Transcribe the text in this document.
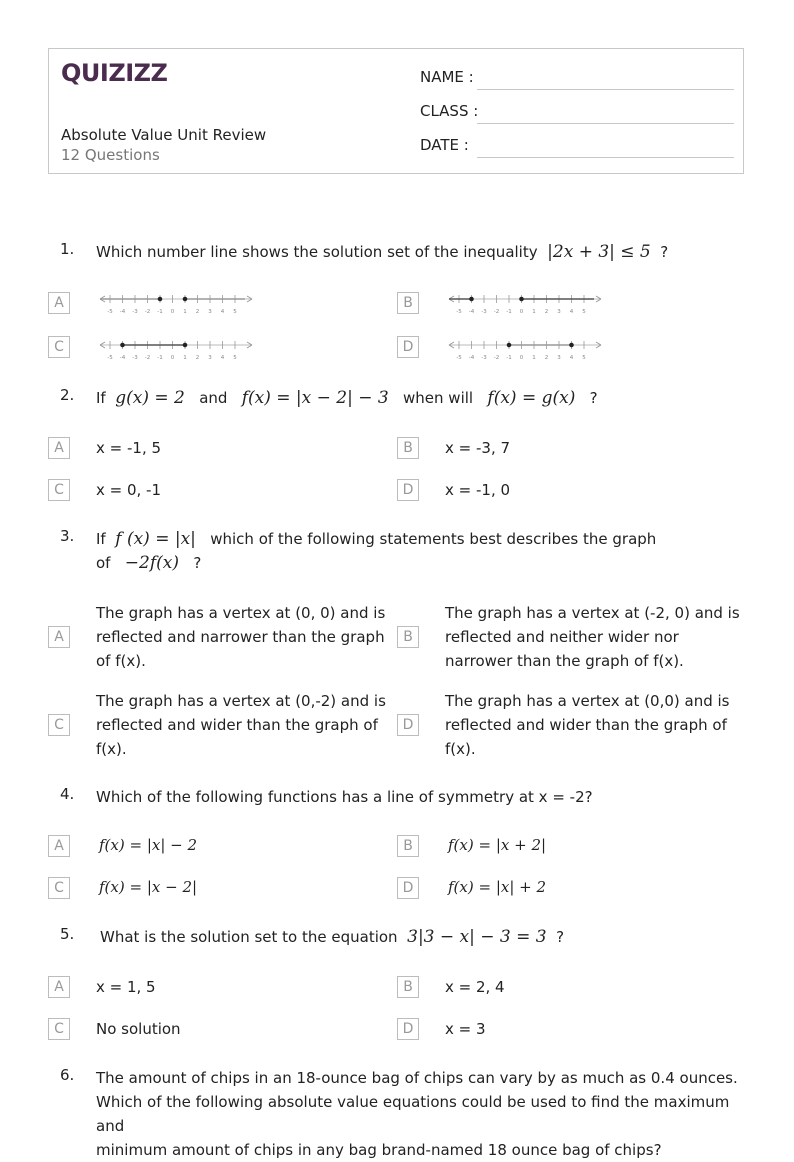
QUIZIZZ
Absolute Value Unit Review
12 Questions
NAME :
CLASS :
DATE :
1. Which number line shows the solution set of the inequality |2x + 3| ≤ 5 ?
A	B
C	D
-5 -4 -3 -2 -1 0 1 2 3 4 5	-5 -4 -3 -2 -1 0 1 2 3 4 5
-5 -4 -3 -2 -1 0 1 2 3 4 5	-5 -4 -3 -2 -1 0 1 2 3 4 5
2. If g(x) = 2 and f(x) = |x − 2| − 3 when will f(x) = g(x) ?
A	x = -1, 5	B	x = -3, 7
C	x = 0, -1	D	x = -1, 0
3. If f (x) = |x| which of the following statements best describes the graph
of −2f(x) ?
A
The graph has a vertex at (0, 0) and is
reflected and narrower than the graph
of f(x).
B
The graph has a vertex at (-2, 0) and is
reflected and neither wider nor
narrower than the graph of f(x).
C
The graph has a vertex at (0,-2) and is
reflected and wider than the graph of
f(x).
D
The graph has a vertex at (0,0) and is
reflected and wider than the graph of
f(x).
4. Which of the following functions has a line of symmetry at x = -2?
A	f(x) = |x| − 2	B	f(x) = |x + 2|
C	f(x) = |x − 2|	D	f(x) = |x| + 2
5. What is the solution set to the equation 3|3 − x| − 3 = 3 ?
A	x = 1, 5	B	x = 2, 4
C	No solution	D	x = 3
6. The amount of chips in an 18-ounce bag of chips can vary by as much as 0.4 ounces.
Which of the following absolute value equations could be used to find the maximum and
minimum amount of chips in any bag brand-named 18 ounce bag of chips?
